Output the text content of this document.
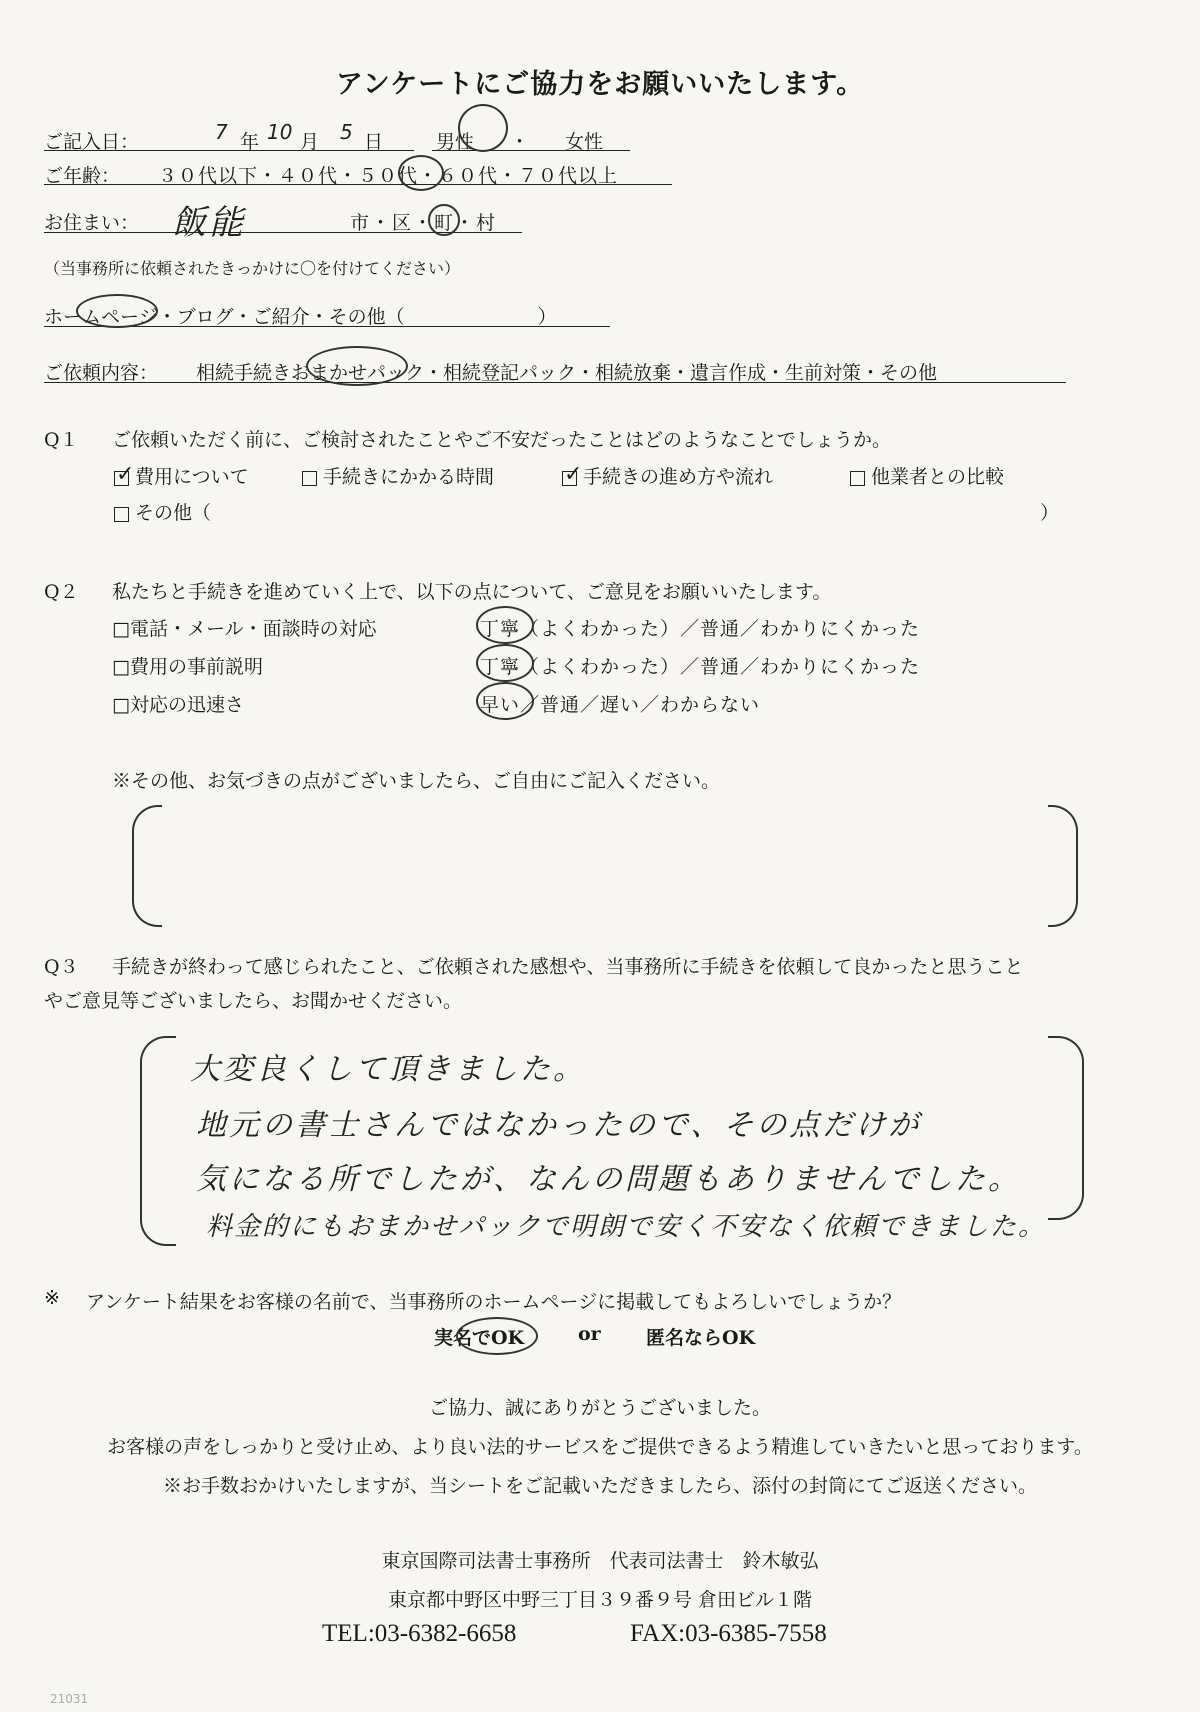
アンケートにご協力をお願いいたします。
ご記入日：	7 年 10 月 5 日	男性 ・ 女性
ご年齢： ３０代以下・４０代・５０代・６０代・７０代以上
お住まい： 飯能	市・区・町・村
（当事務所に依頼されたきっかけに〇を付けてください）
ホームページ・ブログ・ご紹介・その他（　　　　　　　）
ご依頼内容： 相続手続きおまかせパック・相続登記パック・相続放棄・遺言作成・生前対策・その他
Q１ ご依頼いただく前に、ご検討されたことやご不安だったことはどのようなことでしょうか。
✓ 費用について	手続きにかかる時間	✓ 手続きの進め方や流れ	他業者との比較
その他（	）
Q２ 私たちと手続きを進めていく上で、以下の点について、ご意見をお願いいたします。
□電話・メール・面談時の対応	丁寧（よくわかった）／普通／わかりにくかった
□費用の事前説明	丁寧（よくわかった）／普通／わかりにくかった
□対応の迅速さ	早い／普通／遅い／わからない
※その他、お気づきの点がございましたら、ご自由にご記入ください。
Q３ 手続きが終わって感じられたこと、ご依頼された感想や、当事務所に手続きを依頼して良かったと思うこと
やご意見等ございましたら、お聞かせください。
大変良くして頂きました。
地元の書士さんではなかったので、その点だけが
気になる所でしたが、なんの問題もありませんでした。
料金的にもおまかせパックで明朗で安く不安なく依頼できました。
※ アンケート結果をお客様の名前で、当事務所のホームページに掲載してもよろしいでしょうか？
実名でOK	or 匿名ならOK
ご協力、誠にありがとうございました。
お客様の声をしっかりと受け止め、より良い法的サービスをご提供できるよう精進していきたいと思っております。
※お手数おかけいたしますが、当シートをご記載いただきましたら、添付の封筒にてご返送ください。
東京国際司法書士事務所　代表司法書士　鈴木敏弘
東京都中野区中野三丁目３９番９号 倉田ビル１階
TEL:03-6382-6658	FAX:03-6385-7558
21031
